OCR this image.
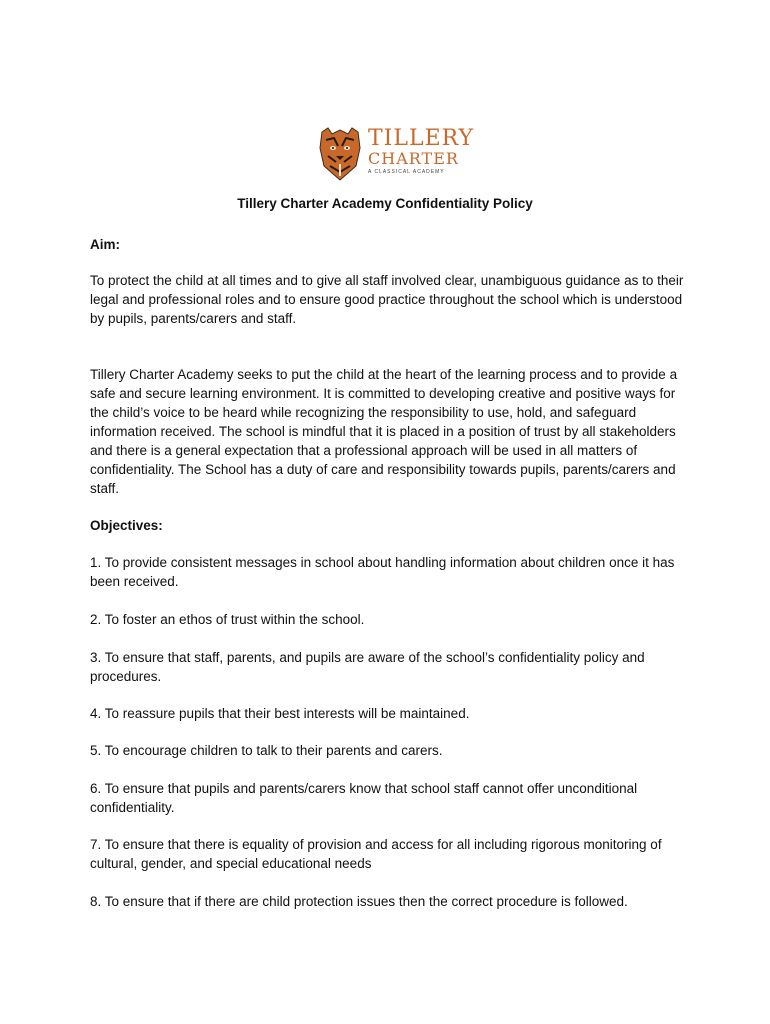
TILLERY
CHARTER
A CLASSICAL ACADEMY
Tillery Charter Academy Confidentiality Policy
Aim:
To protect the child at all times and to give all staff involved clear, unambiguous guidance as to their legal and professional roles and to ensure good practice throughout the school which is understood by pupils, parents/carers and staff.
Tillery Charter Academy seeks to put the child at the heart of the learning process and to provide a safe and secure learning environment. It is committed to developing creative and positive ways for the child’s voice to be heard while recognizing the responsibility to use, hold, and safeguard information received. The school is mindful that it is placed in a position of trust by all stakeholders and there is a general expectation that a professional approach will be used in all matters of confidentiality. The School has a duty of care and responsibility towards pupils, parents/carers and staff.
Objectives:
1. To provide consistent messages in school about handling information about children once it has been received.
2. To foster an ethos of trust within the school.
3. To ensure that staff, parents, and pupils are aware of the school’s confidentiality policy and procedures.
4. To reassure pupils that their best interests will be maintained.
5. To encourage children to talk to their parents and carers.
6. To ensure that pupils and parents/carers know that school staff cannot offer unconditional confidentiality.
7. To ensure that there is equality of provision and access for all including rigorous monitoring of cultural, gender, and special educational needs
8. To ensure that if there are child protection issues then the correct procedure is followed.
